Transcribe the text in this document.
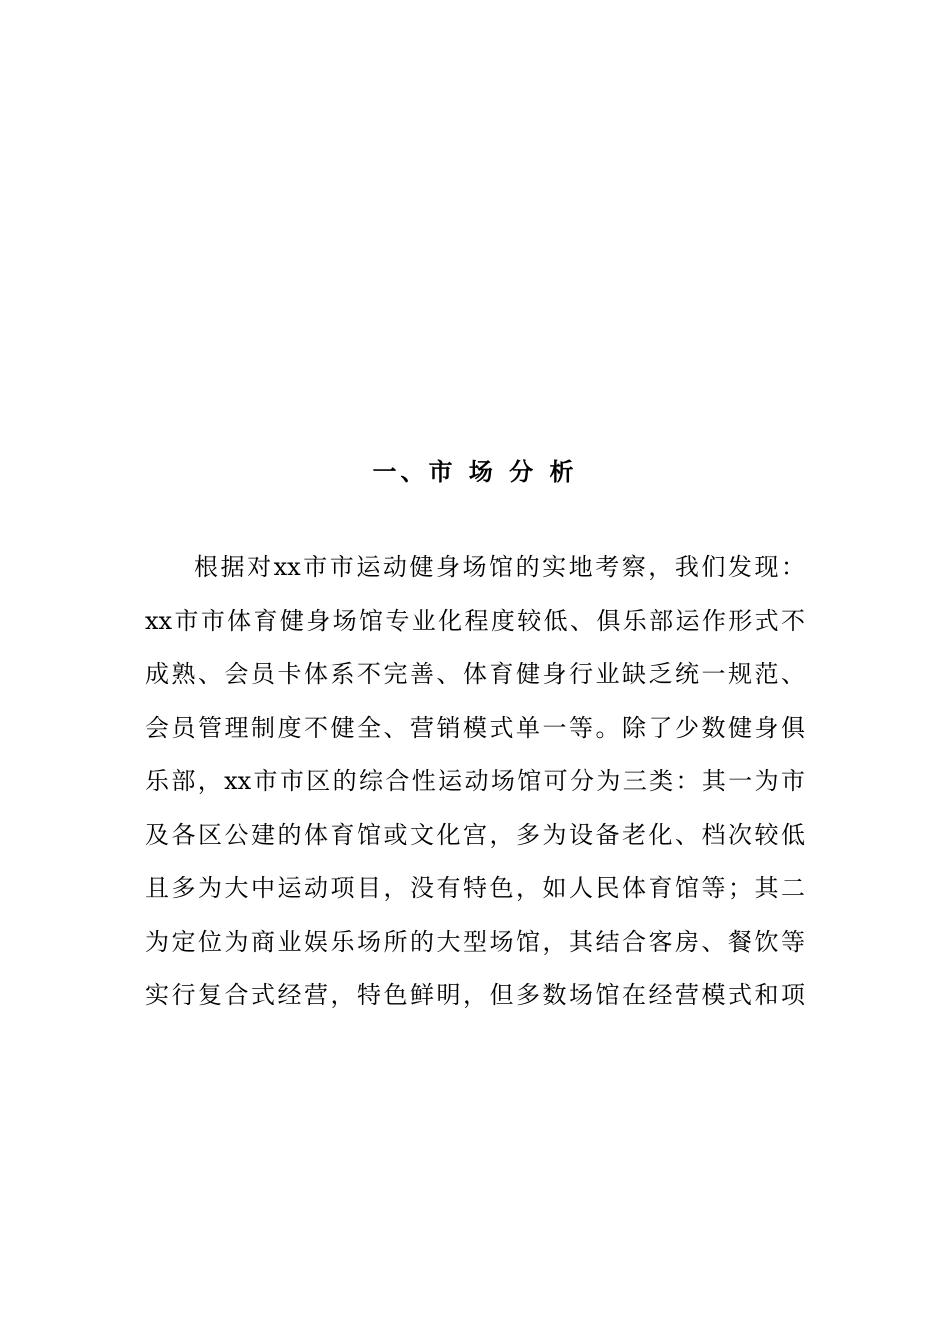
一、市 场 分 析
根据对xx市市运动健身场馆的实地考察，我们发现：
xx市市体育健身场馆专业化程度较低、俱乐部运作形式不
成熟、会员卡体系不完善、体育健身行业缺乏统一规范、
会员管理制度不健全、营销模式单一等。除了少数健身俱
乐部，xx市市区的综合性运动场馆可分为三类：其一为市
及各区公建的体育馆或文化宫，多为设备老化、档次较低
且多为大中运动项目，没有特色，如人民体育馆等；其二
为定位为商业娱乐场所的大型场馆，其结合客房、餐饮等
实行复合式经营，特色鲜明，但多数场馆在经营模式和项
